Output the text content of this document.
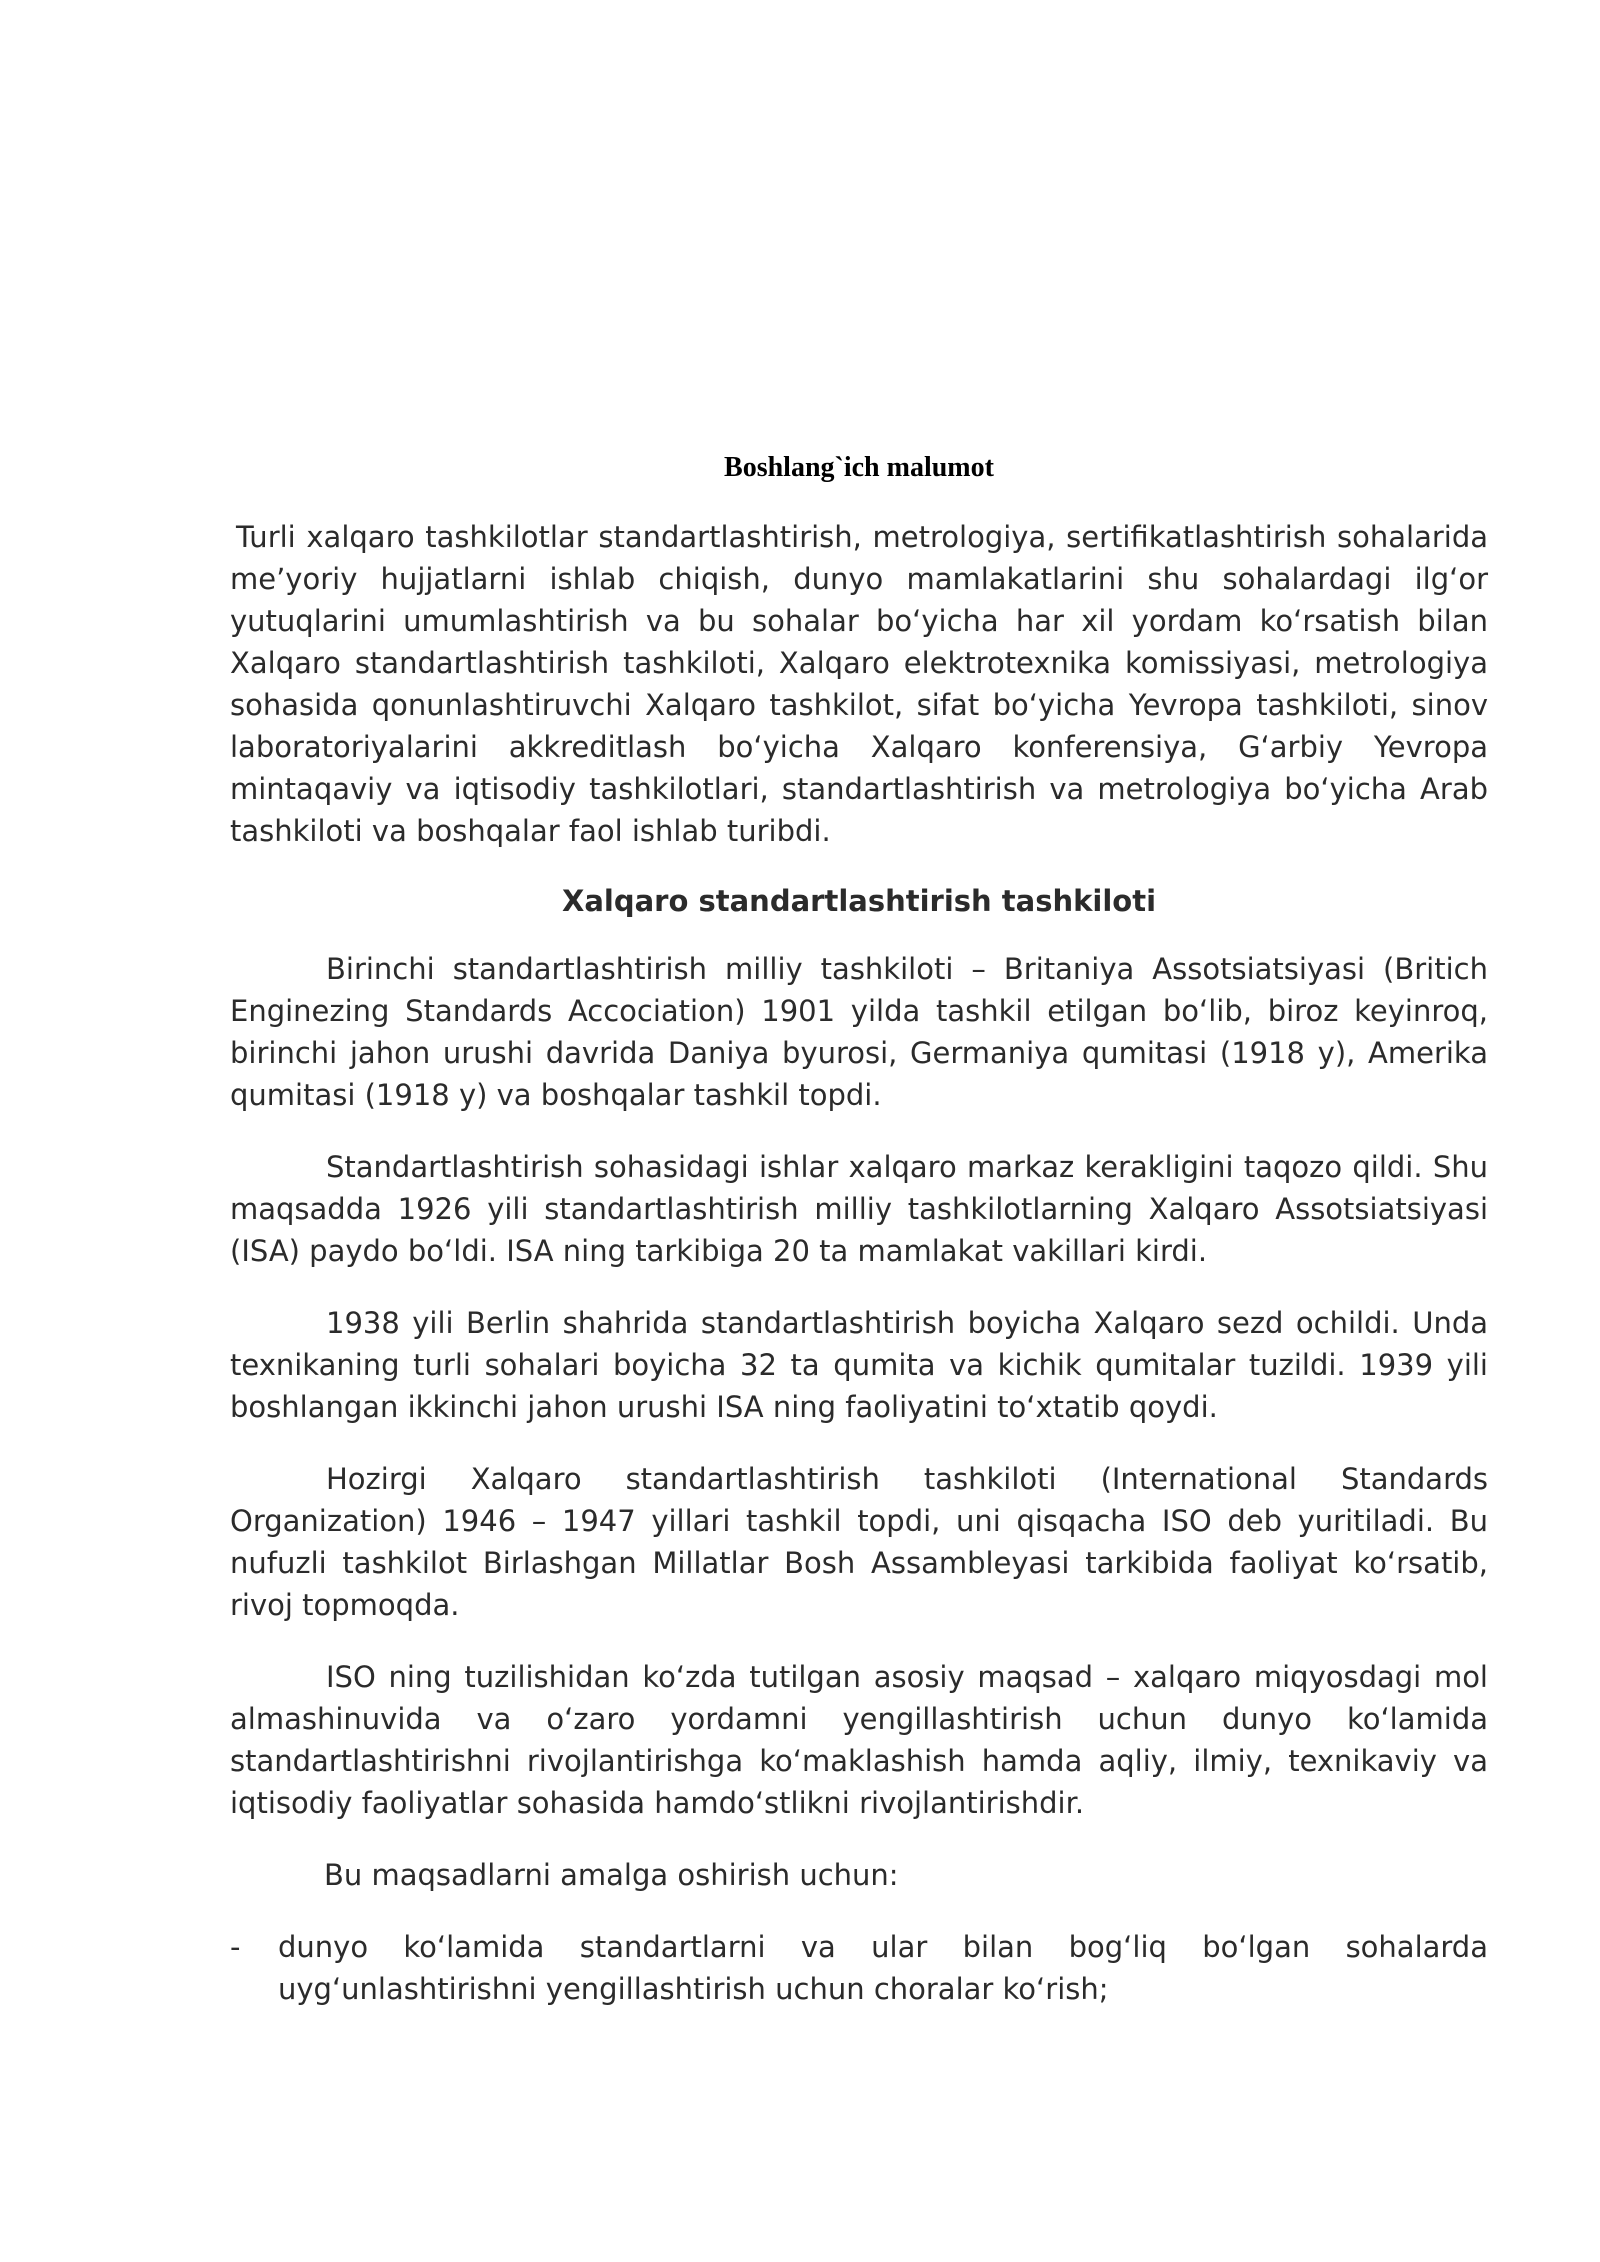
Boshlang`ich malumot

Turli xalqaro tashkilotlar standartlashtirish, metrologiya, sertifikatlashtirish sohalarida me’yoriy hujjatlarni ishlab chiqish, dunyo mamlakatlarini shu sohalardagi ilg‘or yutuqlarini umumlashtirish va bu sohalar bo‘yicha har xil yordam ko‘rsatish bilan Xalqaro standartlashtirish tashkiloti, Xalqaro elektrotexnika komissiyasi, metrologiya sohasida qonunlashtiruvchi Xalqaro tashkilot, sifat bo‘yicha Yevropa tashkiloti, sinov laboratoriyalarini akkreditlash bo‘yicha Xalqaro konferensiya, G‘arbiy Yevropa mintaqaviy va iqtisodiy tashkilotlari, standartlashtirish va metrologiya bo‘yicha Arab tashkiloti va boshqalar faol ishlab turibdi.

Xalqaro standartlashtirish tashkiloti

Birinchi standartlashtirish milliy tashkiloti – Britaniya Assotsiatsiyasi (Britich Enginezing Standards Accociation) 1901 yilda tashkil etilgan bo‘lib, biroz keyinroq, birinchi jahon urushi davrida Daniya byurosi, Germaniya qumitasi (1918 y), Amerika qumitasi (1918 y) va boshqalar tashkil topdi.

Standartlashtirish sohasidagi ishlar xalqaro markaz kerakligini taqozo qildi. Shu maqsadda 1926 yili standartlashtirish milliy tashkilotlarning Xalqaro Assotsiatsiyasi (ISA) paydo bo‘ldi. ISA ning tarkibiga 20 ta mamlakat vakillari kirdi.

1938 yili Berlin shahrida standartlashtirish boyicha Xalqaro sezd ochildi. Unda texnikaning turli sohalari boyicha 32 ta qumita va kichik qumitalar tuzildi. 1939 yili boshlangan ikkinchi jahon urushi ISA ning faoliyatini to‘xtatib qoydi.

Hozirgi Xalqaro standartlashtirish tashkiloti (International Standards Organization) 1946 – 1947 yillari tashkil topdi, uni qisqacha ISO deb yuritiladi. Bu nufuzli tashkilot Birlashgan Millatlar Bosh Assambleyasi tarkibida faoliyat ko‘rsatib, rivoj topmoqda.

ISO ning tuzilishidan ko‘zda tutilgan asosiy maqsad – xalqaro miqyosdagi mol almashinuvida va o‘zaro yordamni yengillashtirish uchun dunyo ko‘lamida standartlashtirishni rivojlantirishga ko‘maklashish hamda aqliy, ilmiy, texnikaviy va iqtisodiy faoliyatlar sohasida hamdo‘stlikni rivojlantirishdir.

Bu maqsadlarni amalga oshirish uchun:

- dunyo ko‘lamida standartlarni va ular bilan bog‘liq bo‘lgan sohalarda uyg‘unlashtirishni yengillashtirish uchun choralar ko‘rish;
